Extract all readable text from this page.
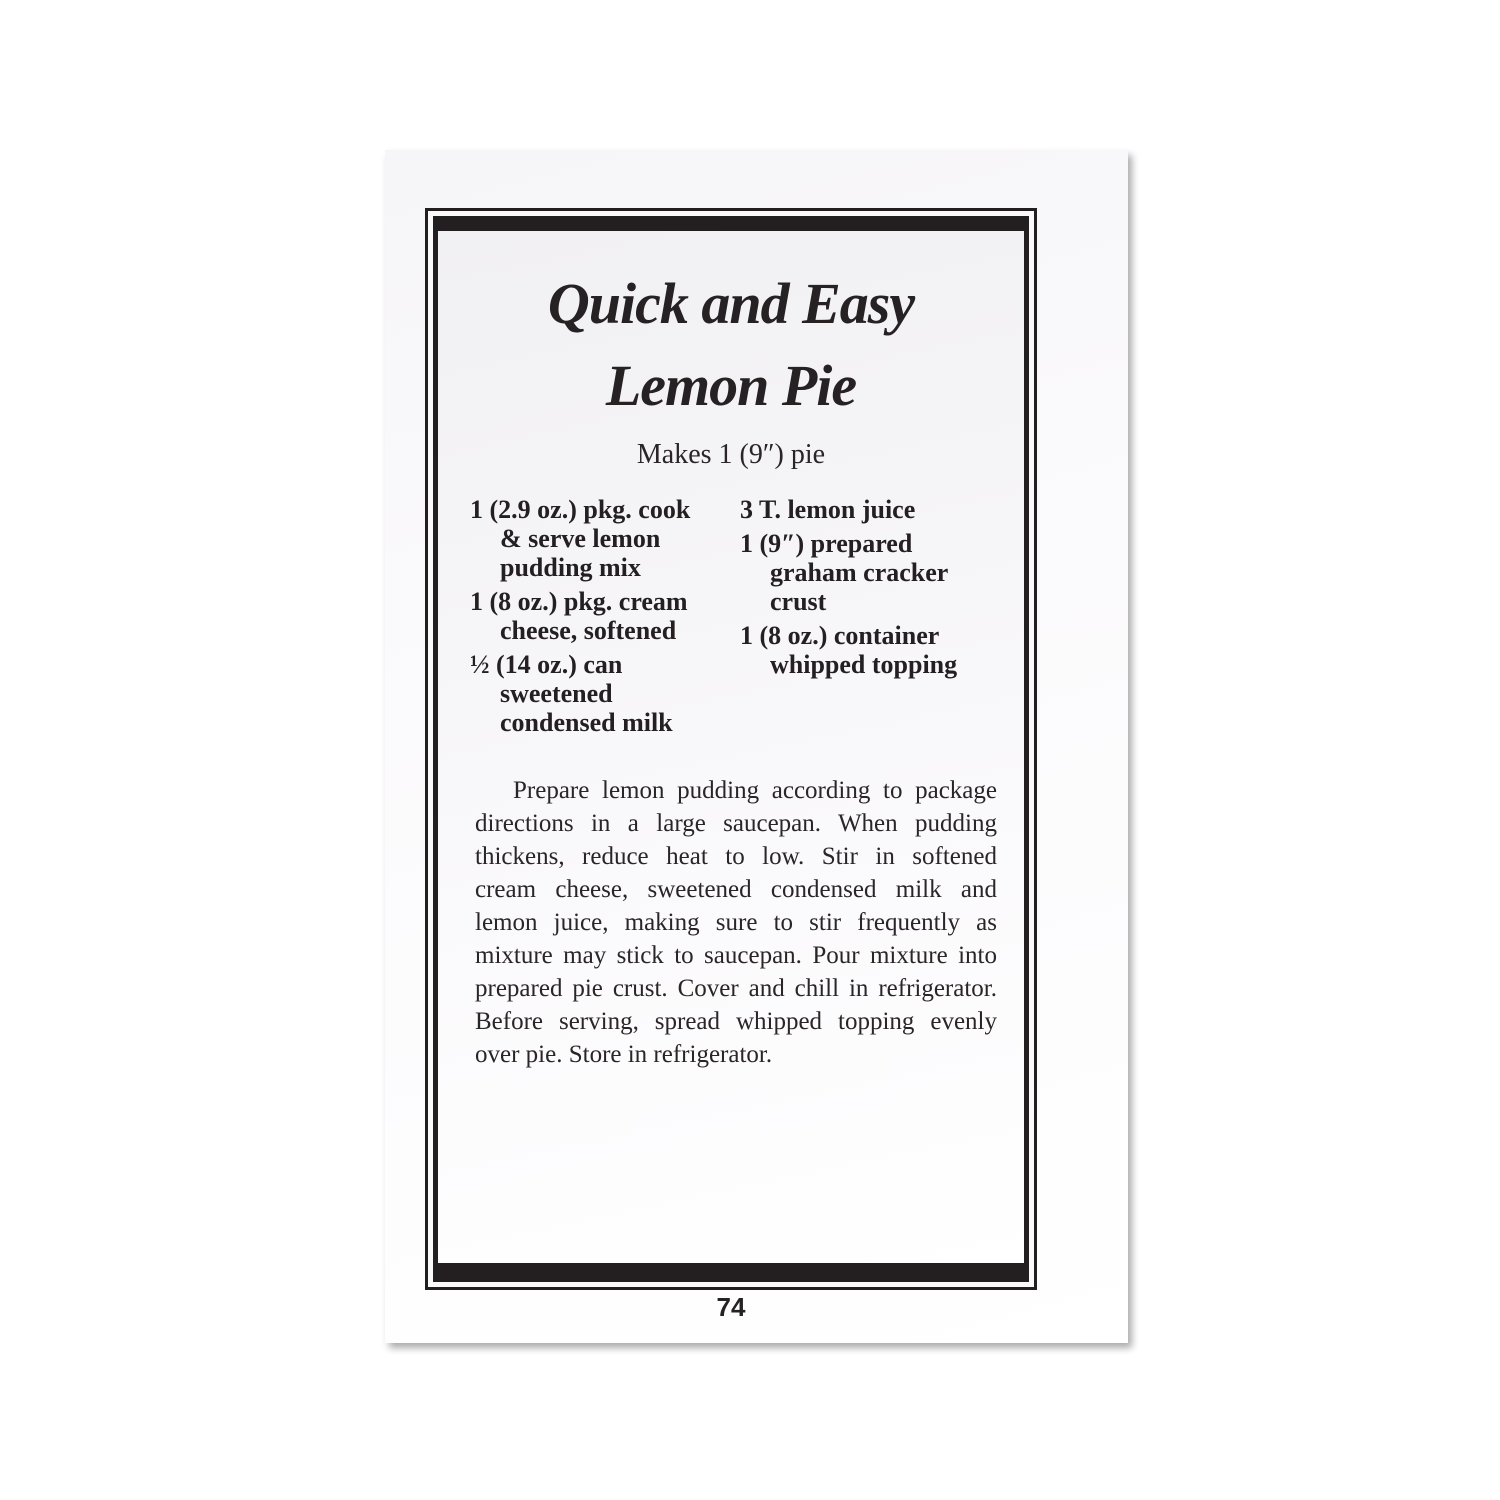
Quick and Easy
Lemon Pie
Makes 1 (9″) pie
1 (2.9 oz.) pkg. cook
& serve lemon
pudding mix
1 (8 oz.) pkg. cream
cheese, softened
½ (14 oz.) can
sweetened
condensed milk
3 T. lemon juice
1 (9″) prepared
graham cracker
crust
1 (8 oz.) container
whipped topping
Prepare lemon pudding according to package
directions in a large saucepan. When pudding
thickens, reduce heat to low. Stir in softened
cream cheese, sweetened condensed milk and
lemon juice, making sure to stir frequently as
mixture may stick to saucepan. Pour mixture into
prepared pie crust. Cover and chill in refrigerator.
Before serving, spread whipped topping evenly
over pie. Store in refrigerator.
74
